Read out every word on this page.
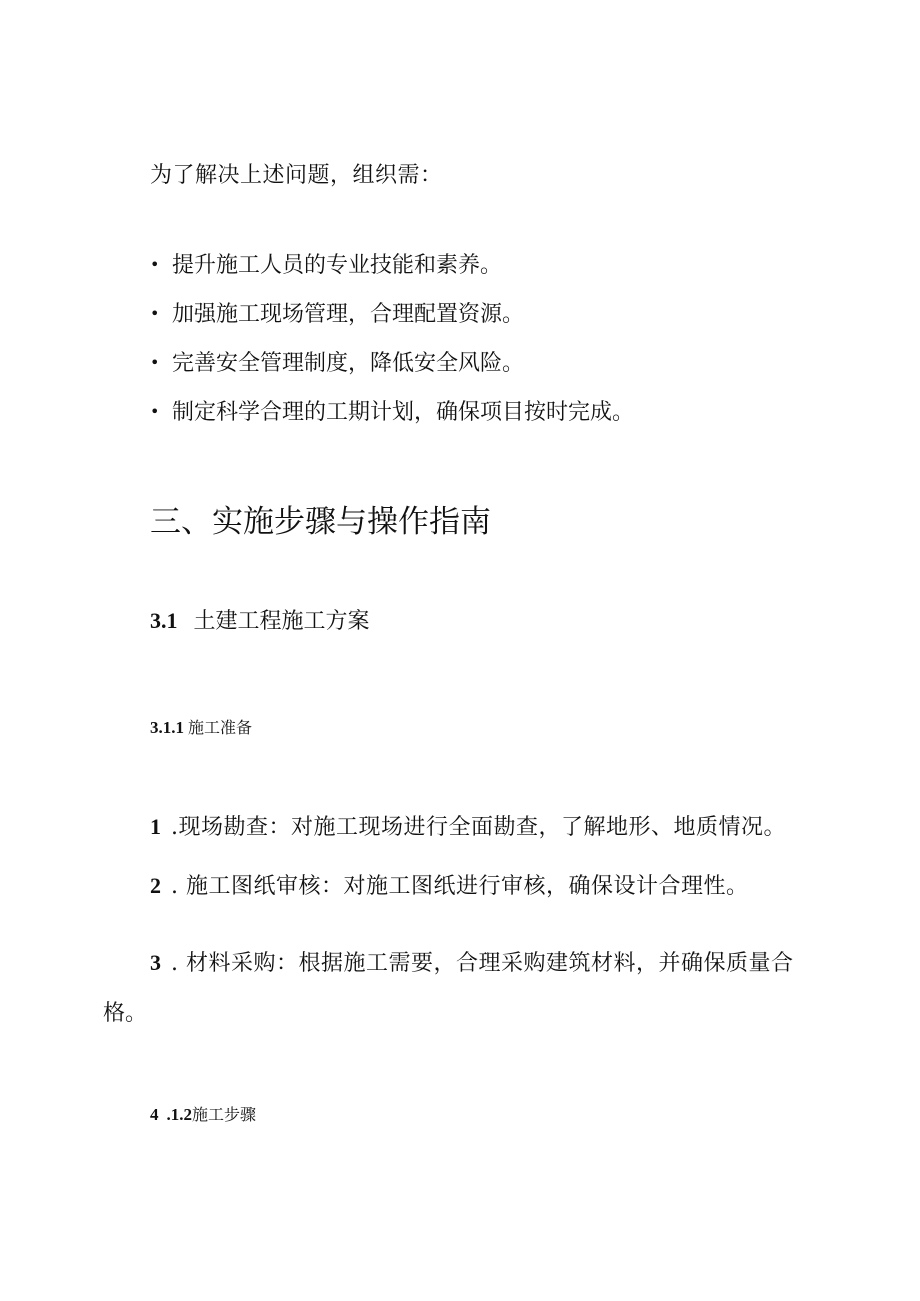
为了解决上述问题，组织需：
• 提升施工人员的专业技能和素养。
• 加强施工现场管理，合理配置资源。
• 完善安全管理制度，降低安全风险。
• 制定科学合理的工期计划，确保项目按时完成。
三、实施步骤与操作指南
3.1 土建工程施工方案
3.1.1 施工准备
1 .现场勘查：对施工现场进行全面勘查，了解地形、地质情况。
2 . 施工图纸审核：对施工图纸进行审核，确保设计合理性。
3 . 材料采购：根据施工需要，合理采购建筑材料，并确保质量合
格。
4 .1.2施工步骤
